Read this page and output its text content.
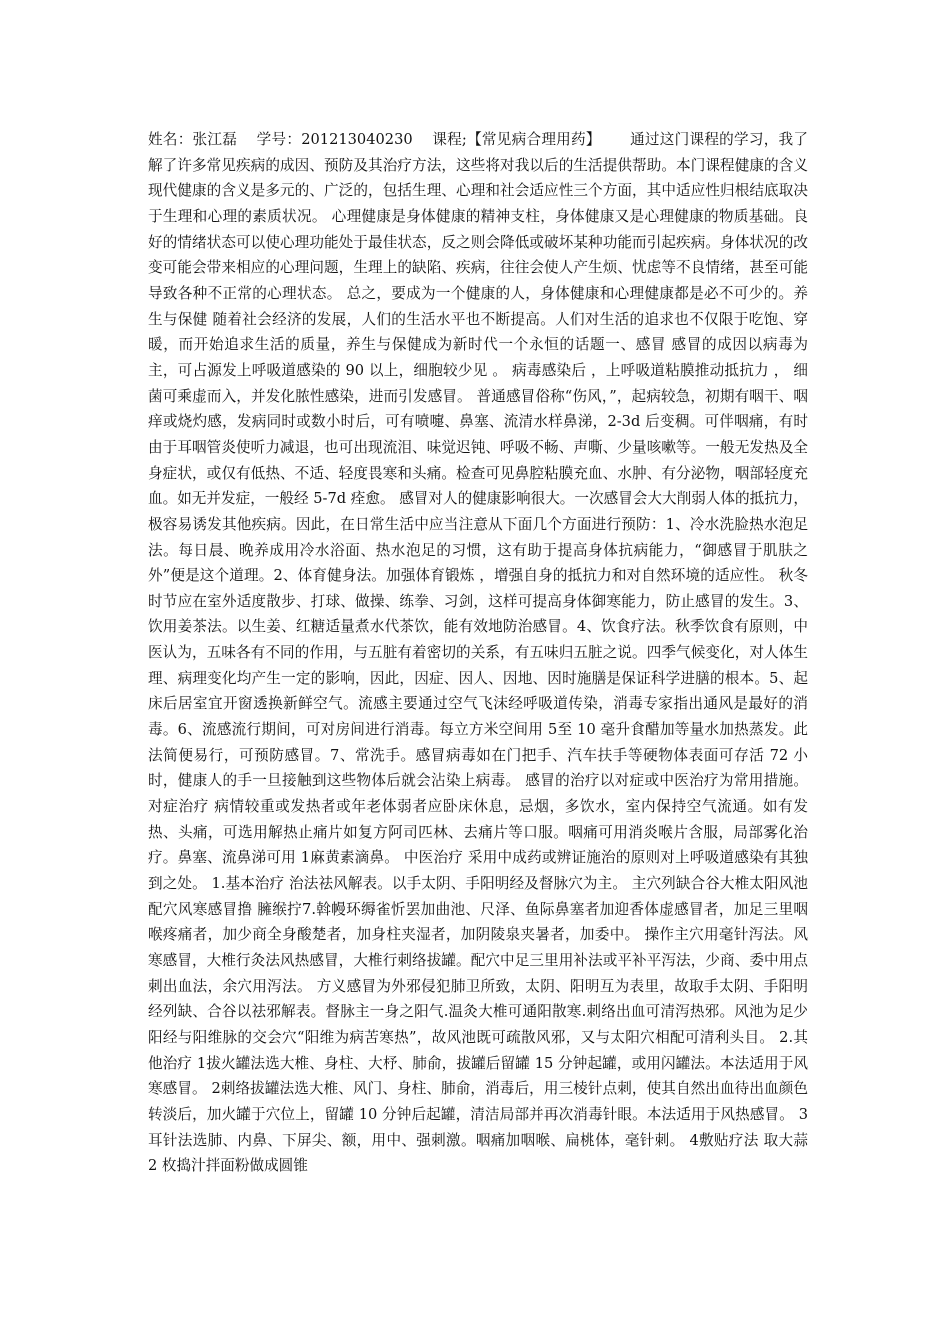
姓名：张江磊 学号：201213040230 课程;【常见病合理用药】 通过这门课程的学习，我了解了许多常见疾病的成因、预防及其治疗方法，这些将对我以后的生活提供帮助。本门课程健康的含义 现代健康的含义是多元的、广泛的，包括生理、心理和社会适应性三个方面，其中适应性归根结底取决于生理和心理的素质状况。 心理健康是身体健康的精神支柱，身体健康又是心理健康的物质基础。良好的情绪状态可以使心理功能处于最佳状态，反之则会降低或破坏某种功能而引起疾病。身体状况的改变可能会带来相应的心理问题，生理上的缺陷、疾病，往往会使人产生烦、忧虑等不良情绪，甚至可能导致各种不正常的心理状态。 总之，要成为一个健康的人，身体健康和心理健康都是必不可少的。养生与保健 随着社会经济的发展，人们的生活水平也不断提高。人们对生活的追求也不仅限于吃饱、穿暖，而开始追求生活的质量，养生与保健成为新时代一个永恒的话题一、感冒 感冒的成因以病毒为主，可占源发上呼吸道感染的 90 以上，细胞较少见 。 病毒感染后 ，上呼吸道粘膜推动抵抗力 ， 细菌可乘虚而入，并发化脓性感染，进而引发感冒。 普通感冒俗称“伤风，”，起病较急，初期有咽干、咽痒或烧灼感，发病同时或数小时后，可有喷嚏、鼻塞、流清水样鼻涕，2-3d 后变稠。可伴咽痛，有时由于耳咽管炎使听力减退，也可出现流泪、味觉迟钝、呼吸不畅、声嘶、少量咳嗽等。一般无发热及全身症状，或仅有低热、不适、轻度畏寒和头痛。检查可见鼻腔粘膜充血、水肿、有分泌物，咽部轻度充血。如无并发症，一般经 5-7d 痊愈。 感冒对人的健康影响很大。一次感冒会大大削弱人体的抵抗力，极容易诱发其他疾病。因此，在日常生活中应当注意从下面几个方面进行预防：1、冷水洗脸热水泡足法。每日晨、晚养成用冷水浴面、热水泡足的习惯，这有助于提高身体抗病能力，“御感冒于肌肤之外”便是这个道理。2、体育健身法。加强体育锻炼 ，增强自身的抵抗力和对自然环境的适应性。 秋冬时节应在室外适度散步、打球、做操、练拳、习剑，这样可提高身体御寒能力，防止感冒的发生。3、饮用姜茶法。以生姜、红糖适量煮水代茶饮，能有效地防治感冒。4、饮食疗法。秋季饮食有原则，中医认为，五味各有不同的作用，与五脏有着密切的关系，有五味归五脏之说。四季气候变化，对人体生理、病理变化均产生一定的影响，因此，因症、因人、因地、因时施膳是保证科学进膳的根本。5、起床后居室宜开窗透换新鲜空气。流感主要通过空气飞沫经呼吸道传染，消毒专家指出通风是最好的消毒。6、流感流行期间，可对房间进行消毒。每立方米空间用 5至 10 毫升食醋加等量水加热蒸发。此法简便易行，可预防感冒。7、常洗手。感冒病毒如在门把手、汽车扶手等硬物体表面可存活 72 小时，健康人的手一旦接触到这些物体后就会沾染上病毒。 感冒的治疗以对症或中医治疗为常用措施。 对症治疗 病情较重或发热者或年老体弱者应卧床休息，忌烟，多饮水，室内保持空气流通。如有发热、头痛，可选用解热止痛片如复方阿司匹林、去痛片等口服。咽痛可用消炎喉片含服，局部雾化治疗。鼻塞、流鼻涕可用 1麻黄素滴鼻。 中医治疗 采用中成药或辨证施治的原则对上呼吸道感染有其独到之处。 1.基本治疗 治法祛风解表。以手太阴、手阳明经及督脉穴为主。 主穴列缺合谷大椎太阳风池 配穴风寒感冒撸 臃缑拧7.斡幔环缛雀忻罢加曲池、尺泽、鱼际鼻塞者加迎香体虚感冒者，加足三里咽喉疼痛者，加少商全身酸楚者，加身柱夹湿者，加阴陵泉夹暑者，加委中。 操作主穴用毫针泻法。风寒感冒，大椎行灸法风热感冒，大椎行刺络拔罐。配穴中足三里用补法或平补平泻法，少商、委中用点刺出血法，余穴用泻法。 方义感冒为外邪侵犯肺卫所致，太阴、阳明互为表里，故取手太阴、手阳明经列缺、合谷以祛邪解表。督脉主一身之阳气.温灸大椎可通阳散寒.刺络出血可清泻热邪。风池为足少阳经与阳维脉的交会穴“阳维为病苦寒热”，故风池既可疏散风邪，又与太阳穴相配可清利头目。 2.其他治疗 1拔火罐法选大椎、身柱、大杼、肺俞，拔罐后留罐 15 分钟起罐，或用闪罐法。本法适用于风寒感冒。 2刺络拔罐法选大椎、风门、身柱、肺俞，消毒后，用三棱针点刺，使其自然出血待出血颜色转淡后，加火罐于穴位上，留罐 10 分钟后起罐，清洁局部并再次消毒针眼。本法适用于风热感冒。 3耳针法选肺、内鼻、下屏尖、额，用中、强刺激。咽痛加咽喉、扁桃体，毫针刺。 4敷贴疗法 取大蒜 2 枚捣汁拌面粉做成圆锥
